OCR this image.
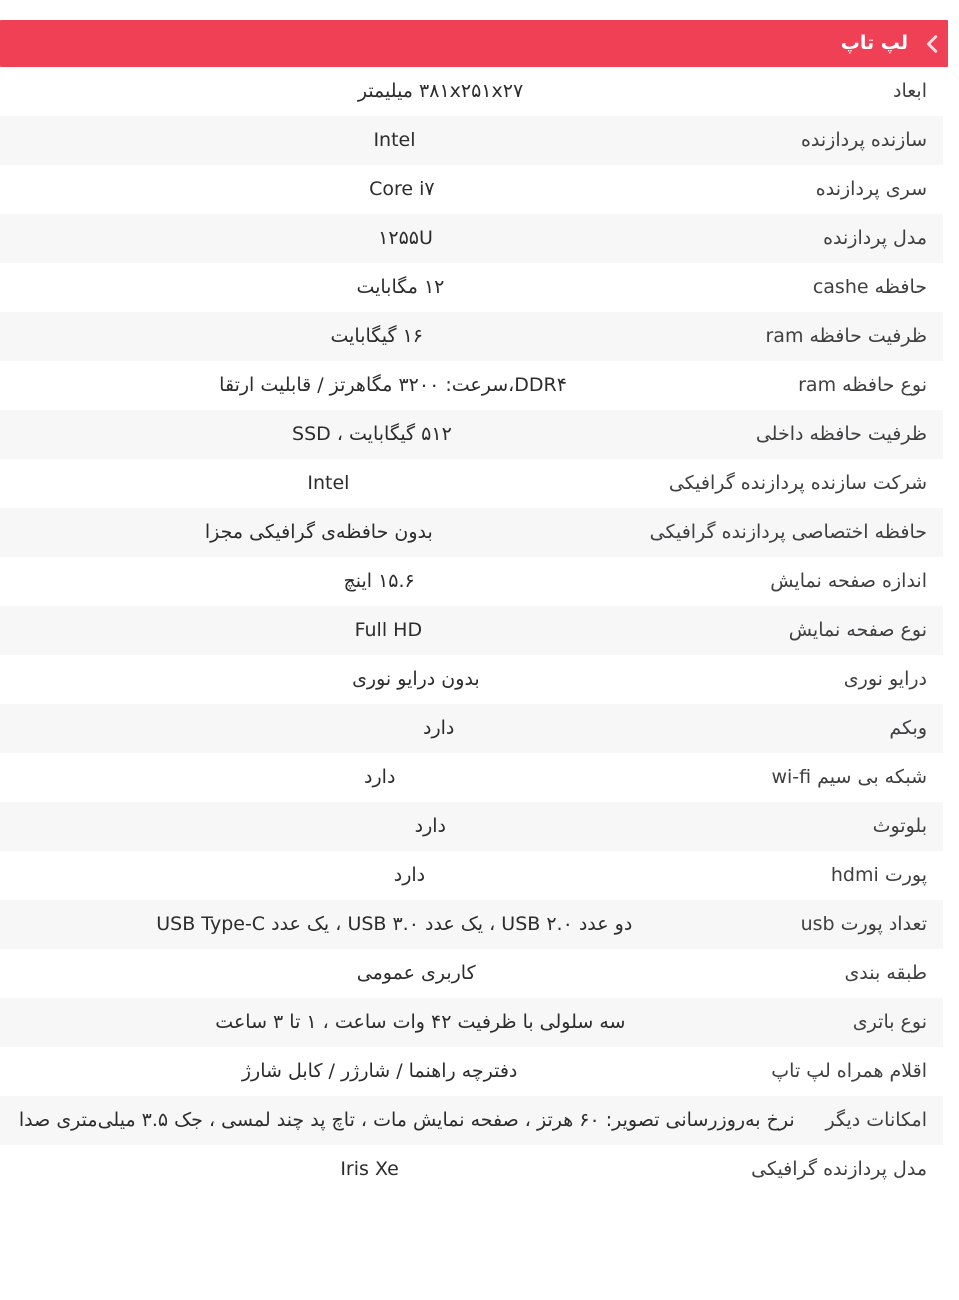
لپ تاپ
ابعاد
۳۸۱x۲۵۱x۲۷ میلیمتر
سازنده پردازنده
Intel
سری پردازنده
Core i۷
مدل پردازنده
۱۲۵۵U
حافظه cashe
۱۲ مگابایت
ظرفیت حافظه ram
۱۶ گیگابایت
نوع حافظه ram
DDR۴،سرعت: ۳۲۰۰ مگاهرتز / قابلیت ارتقا
ظرفیت حافظه داخلی
۵۱۲ گیگابایت ، SSD
شرکت سازنده پردازنده گرافیکی
Intel
حافظه اختصاصی پردازنده گرافیکی
بدون حافظه‌ی گرافیکی مجزا
اندازه صفحه نمایش
۱۵.۶ اینچ
نوع صفحه نمایش
Full HD
درایو نوری
بدون درایو نوری
وبکم
دارد
شبکه بی سیم wi-fi
دارد
بلوتوث
دارد
پورت hdmi
دارد
تعداد پورت usb
دو عدد USB ۲.۰ ، یک عدد USB ۳.۰ ، یک عدد USB Type-C
طبقه بندی
کاربری عمومی
نوع باتری
سه سلولی با ظرفیت ۴۲ وات ساعت ، ۱ تا ۳ ساعت
اقلام همراه لپ تاپ
دفترچه راهنما / شارژر / کابل شارژ
امکانات دیگر
نرخ به‌روزرسانی تصویر: ۶۰ هرتز ، صفحه نمایش مات ، تاچ پد چند لمسی ، جک ۳.۵ میلی‌متری صدا
مدل پردازنده گرافیکی
Iris Xe
